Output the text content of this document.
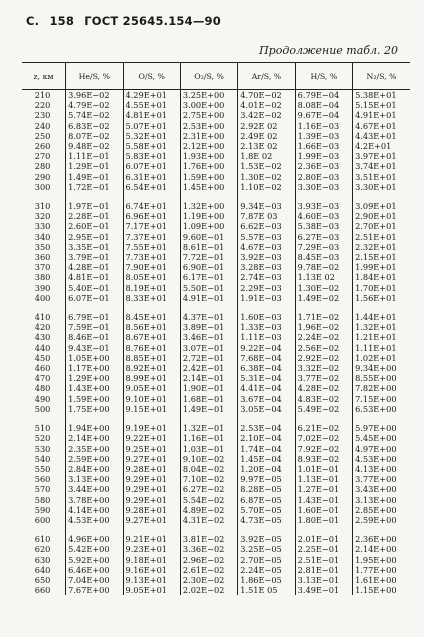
С. 158 ГОСТ 25645.154—90
Продолжение табл. 20
z, км	He/S, %	O/S, %	O₂/S, %	Ar/S, %	H/S, %	N₂/S, %
210	3.96E−02	4.29E+01	3.25E+00	4.70E−02	6.79E−04	5.38E+01
220	4.79E−02	4.55E+01	3.00E+00	4.01E−02	8.08E−04	5.15E+01
230	5.74E−02	4.81E+01	2.75E+00	3.42E−02	9.67E−04	4.91E+01
240	6.83E−02	5.07E+01	2.53E+00	2.92E 02	1.16E−03	4.67E+01
250	8.07E−02	5.32E+01	2.31E+00	2.49E 02	1.39E−03	4.43E+01
260	9.48E−02	5.58E+01	2.12E+00	2.13E 02	1.66E−03	4.2E+01
270	1.11E−01	5.83E+01	1.93E+00	1.8E 02	1.99E−03	3.97E+01
280	1.29E−01	6.07E+01	1.76E+00	1.53E−02	2.36E−03	3.74E+01
290	1.49E−01	6.31E+01	1.59E+00	1.30E−02	2.80E−03	3.51E+01
300	1.72E−01	6.54E+01	1.45E+00	1.10E−02	3.30E−03	3.30E+01

310	1.97E−01	6.74E+01	1.32E+00	9.34E−03	3.93E−03	3.09E+01
320	2.28E−01	6.96E+01	1.19E+00	7.87E 03	4.60E−03	2.90E+01
330	2.60E−01	7.17E+01	1.09E+00	6.62E−03	5.38E−03	2.70E+01
340	2.95E−01	7.37E+01	9.60E−01	5.57E−03	6.27E−03	2.51E+01
350	3.35E−01	7.55E+01	8.61E−01	4.67E−03	7.29E−03	2.32E+01
360	3.79E−01	7.73E+01	7.72E−01	3.92E−03	8.45E−03	2.15E+01
370	4.28E−01	7.90E+01	6.90E−01	3.28E−03	9.78E−02	1.99E+01
380	4.81E−01	8.05E+01	6.17E−01	2.74E−03	1.13E 02	1.84E+01
390	5.40E−01	8.19E+01	5.50E−01	2.29E−03	1.30E−02	1.70E+01
400	6.07E−01	8.33E+01	4.91E−01	1.91E−03	1.49E−02	1.56E+01

410	6.79E−01	8.45E+01	4.37E−01	1.60E−03	1.71E−02	1.44E+01
420	7.59E−01	8.56E+01	3.89E−01	1.33E−03	1.96E−02	1.32E+01
430	8.46E−01	8.67E+01	3.46E−01	1.11E−03	2.24E−02	1.21E+01
440	9.43E−01	8.76E+01	3.07E−01	9.22E−04	2.56E−02	1.11E+01
450	1.05E+00	8.85E+01	2.72E−01	7.68E−04	2.92E−02	1.02E+01
460	1.17E+00	8.92E+01	2.42E−01	6.38E−04	3.32E−02	9.34E+00
470	1.29E+00	8.99E+01	2.14E−01	5.31E−04	3.77E−02	8.55E+00
480	1.43E+00	9.05E+01	1.90E−01	4.41E−04	4.28E−02	7.82E+00
490	1.59E+00	9.10E+01	1.68E−01	3.67E−04	4.83E−02	7.15E+00
500	1.75E+00	9.15E+01	1.49E−01	3.05E−04	5.49E−02	6.53E+00

510	1.94E+00	9.19E+01	1.32E−01	2.53E−04	6.21E−02	5.97E+00
520	2.14E+00	9.22E+01	1.16E−01	2.10E−04	7.02E−02	5.45E+00
530	2.35E+00	9.25E+01	1.03E−01	1.74E−04	7.92E−02	4.97E+00
540	2.59E+00	9.27E+01	9.10E−02	1.45E−04	8.93E−02	4.53E+00
550	2.84E+00	9.28E+01	8.04E−02	1.20E−04	1.01E−01	4.13E+00
560	3.13E+00	9.29E+01	7.10E−02	9.97E−05	1.13E−01	3.77E+00
570	3.44E+00	9.29E+01	6.27E−02	8.28E−05	1.27E−01	3.43E+00
580	3.78E+00	9.29E+01	5.54E−02	6.87E−05	1.43E−01	3.13E+00
590	4.14E+00	9.28E+01	4.89E−02	5.70E−05	1.60E−01	2.85E+00
600	4.53E+00	9.27E+01	4.31E−02	4.73E−05	1.80E−01	2.59E+00

610	4.96E+00	9.21E+01	3.81E−02	3.92E−05	2.01E−01	2.36E+00
620	5.42E+00	9.23E+01	3.36E−02	3.25E−05	2.25E−01	2.14E+00
630	5.92E+00	9.18E+01	2.96E−02	2.70E−05	2.51E−01	1.95E+00
640	6.46E+00	9.16E+01	2.61E−02	2.24E−05	2.81E−01	1.77E+00
650	7.04E+00	9.13E+01	2.30E−02	1.86E−05	3.13E−01	1.61E+00
660	7.67E+00	9.05E+01	2.02E−02	1.51E 05	3.49E−01	1.15E+00
